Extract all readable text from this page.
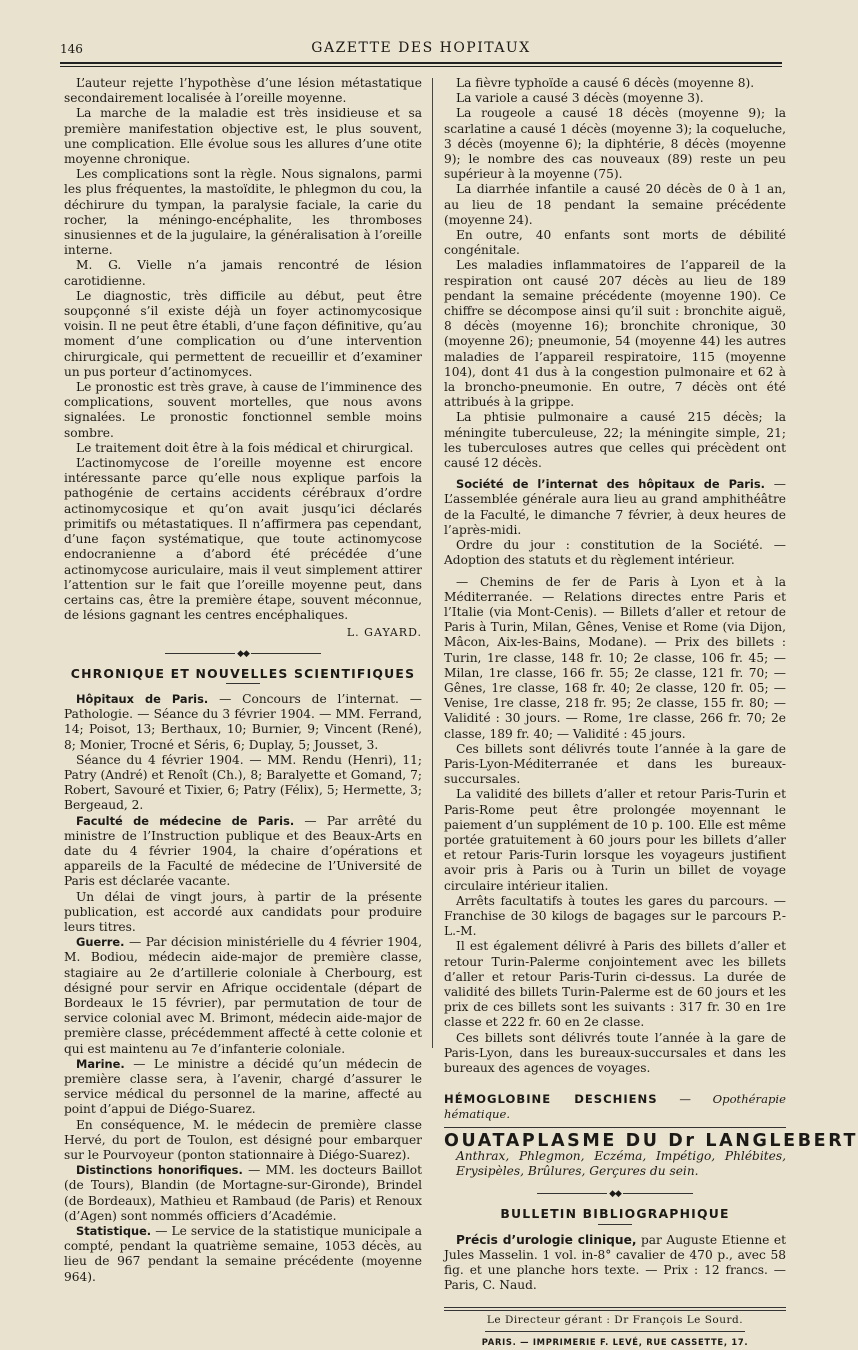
146	GAZETTE DES HOPITAUX

L’auteur rejette l’hypothèse d’une lésion métastatique secondairement localisée à l’oreille moyenne.

La marche de la maladie est très insidieuse et sa première manifestation objective est, le plus souvent, une complication. Elle évolue sous les allures d’une otite moyenne chronique.

Les complications sont la règle. Nous signalons, parmi les plus fréquentes, la mastoïdite, le phlegmon du cou, la déchirure du tympan, la paralysie faciale, la carie du rocher, la méningo-encéphalite, les thromboses sinusiennes et de la jugulaire, la généralisation à l’oreille interne.

M. G. Vielle n’a jamais rencontré de lésion carotidienne.

Le diagnostic, très difficile au début, peut être soupçonné s’il existe déjà un foyer actinomycosique voisin. Il ne peut être établi, d’une façon définitive, qu’au moment d’une complication ou d’une intervention chirurgicale, qui permettent de recueillir et d’examiner un pus porteur d’actinomyces.

Le pronostic est très grave, à cause de l’imminence des complications, souvent mortelles, que nous avons signalées. Le pronostic fonctionnel semble moins sombre.

Le traitement doit être à la fois médical et chirurgical.

L’actinomycose de l’oreille moyenne est encore intéressante parce qu’elle nous explique parfois la pathogénie de certains accidents cérébraux d’ordre actinomycosique et qu’on avait jusqu’ici déclarés primitifs ou métastatiques. Il n’affirmera pas cependant, d’une façon systématique, que toute actinomycose endocranienne a d’abord été précédée d’une actinomycose auriculaire, mais il veut simplement attirer l’attention sur le fait que l’oreille moyenne peut, dans certains cas, être la première étape, souvent méconnue, de lésions gagnant les centres encéphaliques.

L. GAYARD.
◆◆
CHRONIQUE ET NOUVELLES SCIENTIFIQUES

Hôpitaux de Paris. — Concours de l’internat. — Pathologie. — Séance du 3 février 1904. — MM. Ferrand, 14; Poisot, 13; Berthaux, 10; Burnier, 9; Vincent (René), 8; Monier, Trocné et Séris, 6; Duplay, 5; Jousset, 3.

Séance du 4 février 1904. — MM. Rendu (Henri), 11; Patry (André) et Renoît (Ch.), 8; Baralyette et Gomand, 7; Robert, Savouré et Tixier, 6; Patry (Félix), 5; Hermette, 3; Bergeaud, 2.

Faculté de médecine de Paris. — Par arrêté du ministre de l’Instruction publique et des Beaux-Arts en date du 4 février 1904, la chaire d’opérations et appareils de la Faculté de médecine de l’Université de Paris est déclarée vacante.

Un délai de vingt jours, à partir de la présente publication, est accordé aux candidats pour produire leurs titres.

Guerre. — Par décision ministérielle du 4 février 1904, M. Bodiou, médecin aide-major de première classe, stagiaire au 2e d’artillerie coloniale à Cherbourg, est désigné pour servir en Afrique occidentale (départ de Bordeaux le 15 février), par permutation de tour de service colonial avec M. Brimont, médecin aide-major de première classe, précédemment affecté à cette colonie et qui est maintenu au 7e d’infanterie coloniale.

Marine. — Le ministre a décidé qu’un médecin de première classe sera, à l’avenir, chargé d’assurer le service médical du personnel de la marine, affecté au point d’appui de Diégo-Suarez.

En conséquence, M. le médecin de première classe Hervé, du port de Toulon, est désigné pour embarquer sur le Pourvoyeur (ponton stationnaire à Diégo-Suarez).

Distinctions honorifiques. — MM. les docteurs Baillot (de Tours), Blandin (de Mortagne-sur-Gironde), Brindel (de Bordeaux), Mathieu et Rambaud (de Paris) et Renoux (d’Agen) sont nommés officiers d’Académie.

Statistique. — Le service de la statistique municipale a compté, pendant la quatrième semaine, 1053 décès, au lieu de 967 pendant la semaine précédente (moyenne 964).

La fièvre typhoïde a causé 6 décès (moyenne 8).

La variole a causé 3 décès (moyenne 3).

La rougeole a causé 18 décès (moyenne 9); la scarlatine a causé 1 décès (moyenne 3); la coqueluche, 3 décès (moyenne 6); la diphtérie, 8 décès (moyenne 9); le nombre des cas nouveaux (89) reste un peu supérieur à la moyenne (75).

La diarrhée infantile a causé 20 décès de 0 à 1 an, au lieu de 18 pendant la semaine précédente (moyenne 24).

En outre, 40 enfants sont morts de débilité congénitale.

Les maladies inflammatoires de l’appareil de la respiration ont causé 207 décès au lieu de 189 pendant la semaine précédente (moyenne 190). Ce chiffre se décompose ainsi qu’il suit : bronchite aiguë, 8 décès (moyenne 16); bronchite chronique, 30 (moyenne 26); pneumonie, 54 (moyenne 44) les autres maladies de l’appareil respiratoire, 115 (moyenne 104), dont 41 dus à la congestion pulmonaire et 62 à la broncho-pneumonie. En outre, 7 décès ont été attribués à la grippe.

La phtisie pulmonaire a causé 215 décès; la méningite tuberculeuse, 22; la méningite simple, 21; les tuberculoses autres que celles qui précèdent ont causé 12 décès.

Société de l’internat des hôpitaux de Paris. — L’assemblée générale aura lieu au grand amphithéâtre de la Faculté, le dimanche 7 février, à deux heures de l’après-midi.

Ordre du jour : constitution de la Société. — Adoption des statuts et du règlement intérieur.

— Chemins de fer de Paris à Lyon et à la Méditerranée. — Relations directes entre Paris et l’Italie (via Mont-Cenis). — Billets d’aller et retour de Paris à Turin, Milan, Gênes, Venise et Rome (via Dijon, Mâcon, Aix-les-Bains, Modane). — Prix des billets : Turin, 1re classe, 148 fr. 10; 2e classe, 106 fr. 45; — Milan, 1re classe, 166 fr. 55; 2e classe, 121 fr. 70; — Gênes, 1re classe, 168 fr. 40; 2e classe, 120 fr. 05; — Venise, 1re classe, 218 fr. 95; 2e classe, 155 fr. 80; — Validité : 30 jours. — Rome, 1re classe, 266 fr. 70; 2e classe, 189 fr. 40; — Validité : 45 jours.

Ces billets sont délivrés toute l’année à la gare de Paris-Lyon-Méditerranée et dans les bureaux-succursales.

La validité des billets d’aller et retour Paris-Turin et Paris-Rome peut être prolongée moyennant le paiement d’un supplément de 10 p. 100. Elle est même portée gratuitement à 60 jours pour les billets d’aller et retour Paris-Turin lorsque les voyageurs justifient avoir pris à Paris ou à Turin un billet de voyage circulaire intérieur italien.

Arrêts facultatifs à toutes les gares du parcours. — Franchise de 30 kilogs de bagages sur le parcours P.-L.-M.

Il est également délivré à Paris des billets d’aller et retour Turin-Palerme conjointement avec les billets d’aller et retour Paris-Turin ci-dessus. La durée de validité des billets Turin-Palerme est de 60 jours et les prix de ces billets sont les suivants : 317 fr. 30 en 1re classe et 222 fr. 60 en 2e classe.

Ces billets sont délivrés toute l’année à la gare de Paris-Lyon, dans les bureaux-succursales et dans les bureaux des agences de voyages.

HÉMOGLOBINE DESCHIENS — Opothérapie hématique.
OUATAPLASME DU Dr LANGLEBERT
Anthrax, Phlegmon, Eczéma, Impétigo, Phlébites, Erysipèles, Brûlures, Gerçures du sein.
◆◆
BULLETIN BIBLIOGRAPHIQUE

Précis d’urologie clinique, par Auguste Etienne et Jules Masselin. 1 vol. in-8° cavalier de 470 p., avec 58 fig. et une planche hors texte. — Prix : 12 francs. — Paris, C. Naud.

Le Directeur gérant : Dr François Le Sourd.
PARIS. — IMPRIMERIE F. LEVÉ, RUE CASSETTE, 17.
